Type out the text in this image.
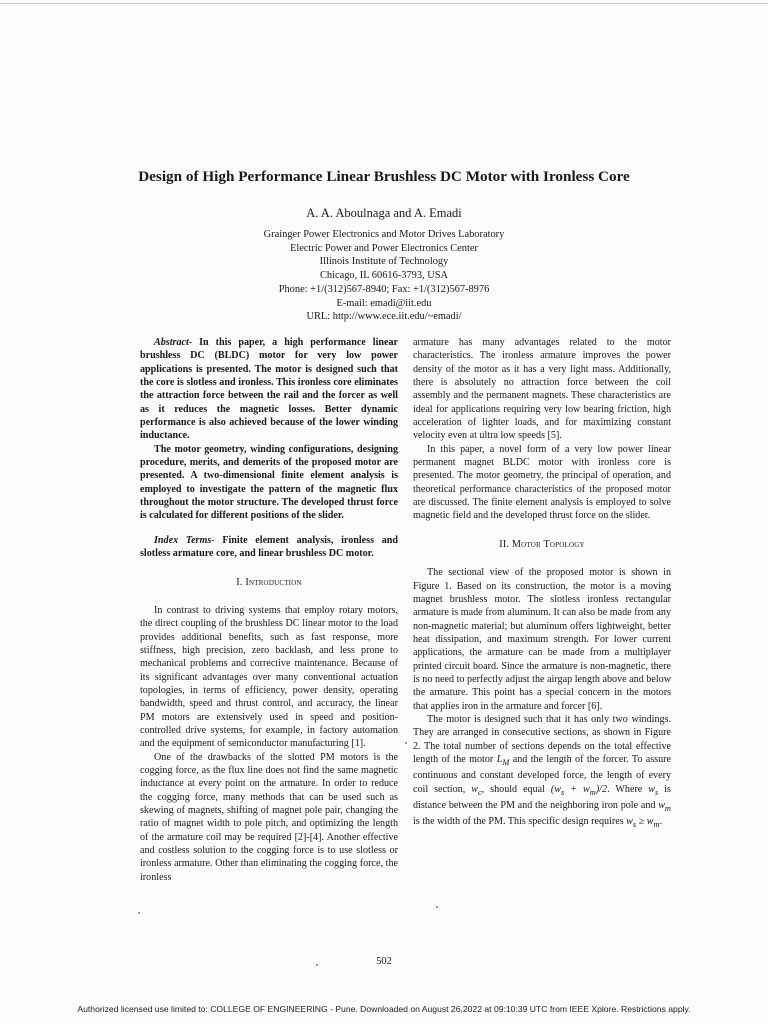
Design of High Performance Linear Brushless DC Motor with Ironless Core
A. A. Aboulnaga and A. Emadi
Grainger Power Electronics and Motor Drives Laboratory
Electric Power and Power Electronics Center
Illinois Institute of Technology
Chicago, IL 60616-3793, USA
Phone: +1/(312)567-8940; Fax: +1/(312)567-8976
E-mail: emadi@iit.edu
URL: http://www.ece.iit.edu/~emadi/

Abstract- In this paper, a high performance linear brushless DC (BLDC) motor for very low power applications is presented. The motor is designed such that the core is slotless and ironless. This ironless core eliminates the attraction force between the rail and the forcer as well as it reduces the magnetic losses. Better dynamic performance is also achieved because of the lower winding inductance.

The motor geometry, winding configurations, designing procedure, merits, and demerits of the proposed motor are presented. A two-dimensional finite element analysis is employed to investigate the pattern of the magnetic flux throughout the motor structure. The developed thrust force is calculated for different positions of the slider.

Index Terms- Finite element analysis, ironless and slotless armature core, and linear brushless DC motor.

I. Introduction

In contrast to driving systems that employ rotary motors, the direct coupling of the brushless DC linear motor to the load provides additional benefits, such as fast response, more stiffness, high precision, zero backlash, and less prone to mechanical problems and corrective maintenance. Because of its significant advantages over many conventional actuation topologies, in terms of efficiency, power density, operating bandwidth, speed and thrust control, and accuracy, the linear PM motors are extensively used in speed and position-controlled drive systems, for example, in factory automation and the equipment of semiconductor manufacturing [1].

One of the drawbacks of the slotted PM motors is the cogging force, as the flux line does not find the same magnetic inductance at every point on the armature. In order to reduce the cogging force, many methods that can be used such as skewing of magnets, shifting of magnet pole pair, changing the ratio of magnet width to pole pitch, and optimizing the length of the armature coil may be required [2]-[4]. Another effective and costless solution to the cogging force is to use slotless or ironless armature. Other than eliminating the cogging force, the ironless

armature has many advantages related to the motor characteristics. The ironless armature improves the power density of the motor as it has a very light mass. Additionally, there is absolutely no attraction force between the coil assembly and the permanent magnets. These characteristics are ideal for applications requiring very low bearing friction, high acceleration of lighter loads, and for maximizing constant velocity even at ultra low speeds [5].

In this paper, a novel form of a very low power linear permanent magnet BLDC motor with ironless core is presented. The motor geometry, the principal of operation, and theoretical performance characteristics of the proposed motor are discussed. The finite element analysis is employed to solve magnetic field and the developed thrust force on the slider.

II. Motor Topology

The sectional view of the proposed motor is shown in Figure 1. Based on its construction, the motor is a moving magnet brushless motor. The slotless ironless rectangular armature is made from aluminum. It can also be made from any non-magnetic material; but aluminum offers lightweight, better heat dissipation, and maximum strength. For lower current applications, the armature can be made from a multiplayer printed circuit board. Since the armature is non-magnetic, there is no need to perfectly adjust the airgap length above and below the armature. This point has a special concern in the motors that applies iron in the armature and forcer [6].

The motor is designed such that it has only two windings. They are arranged in consecutive sections, as shown in Figure 2. The total number of sections depends on the total effective length of the motor $L_M$ and the length of the forcer. To assure continuous and constant developed force, the length of every coil section, $w_c$, should equal $(w_s + w_m)/2$. Where $w_s$ is distance between the PM and the neighboring iron pole and $w_m$ is the width of the PM. This specific design requires $w_s \ge w_m$.

502
Authorized licensed use limited to: COLLEGE OF ENGINEERING - Pune. Downloaded on August 26,2022 at 09:10:39 UTC from IEEE Xplore. Restrictions apply.
